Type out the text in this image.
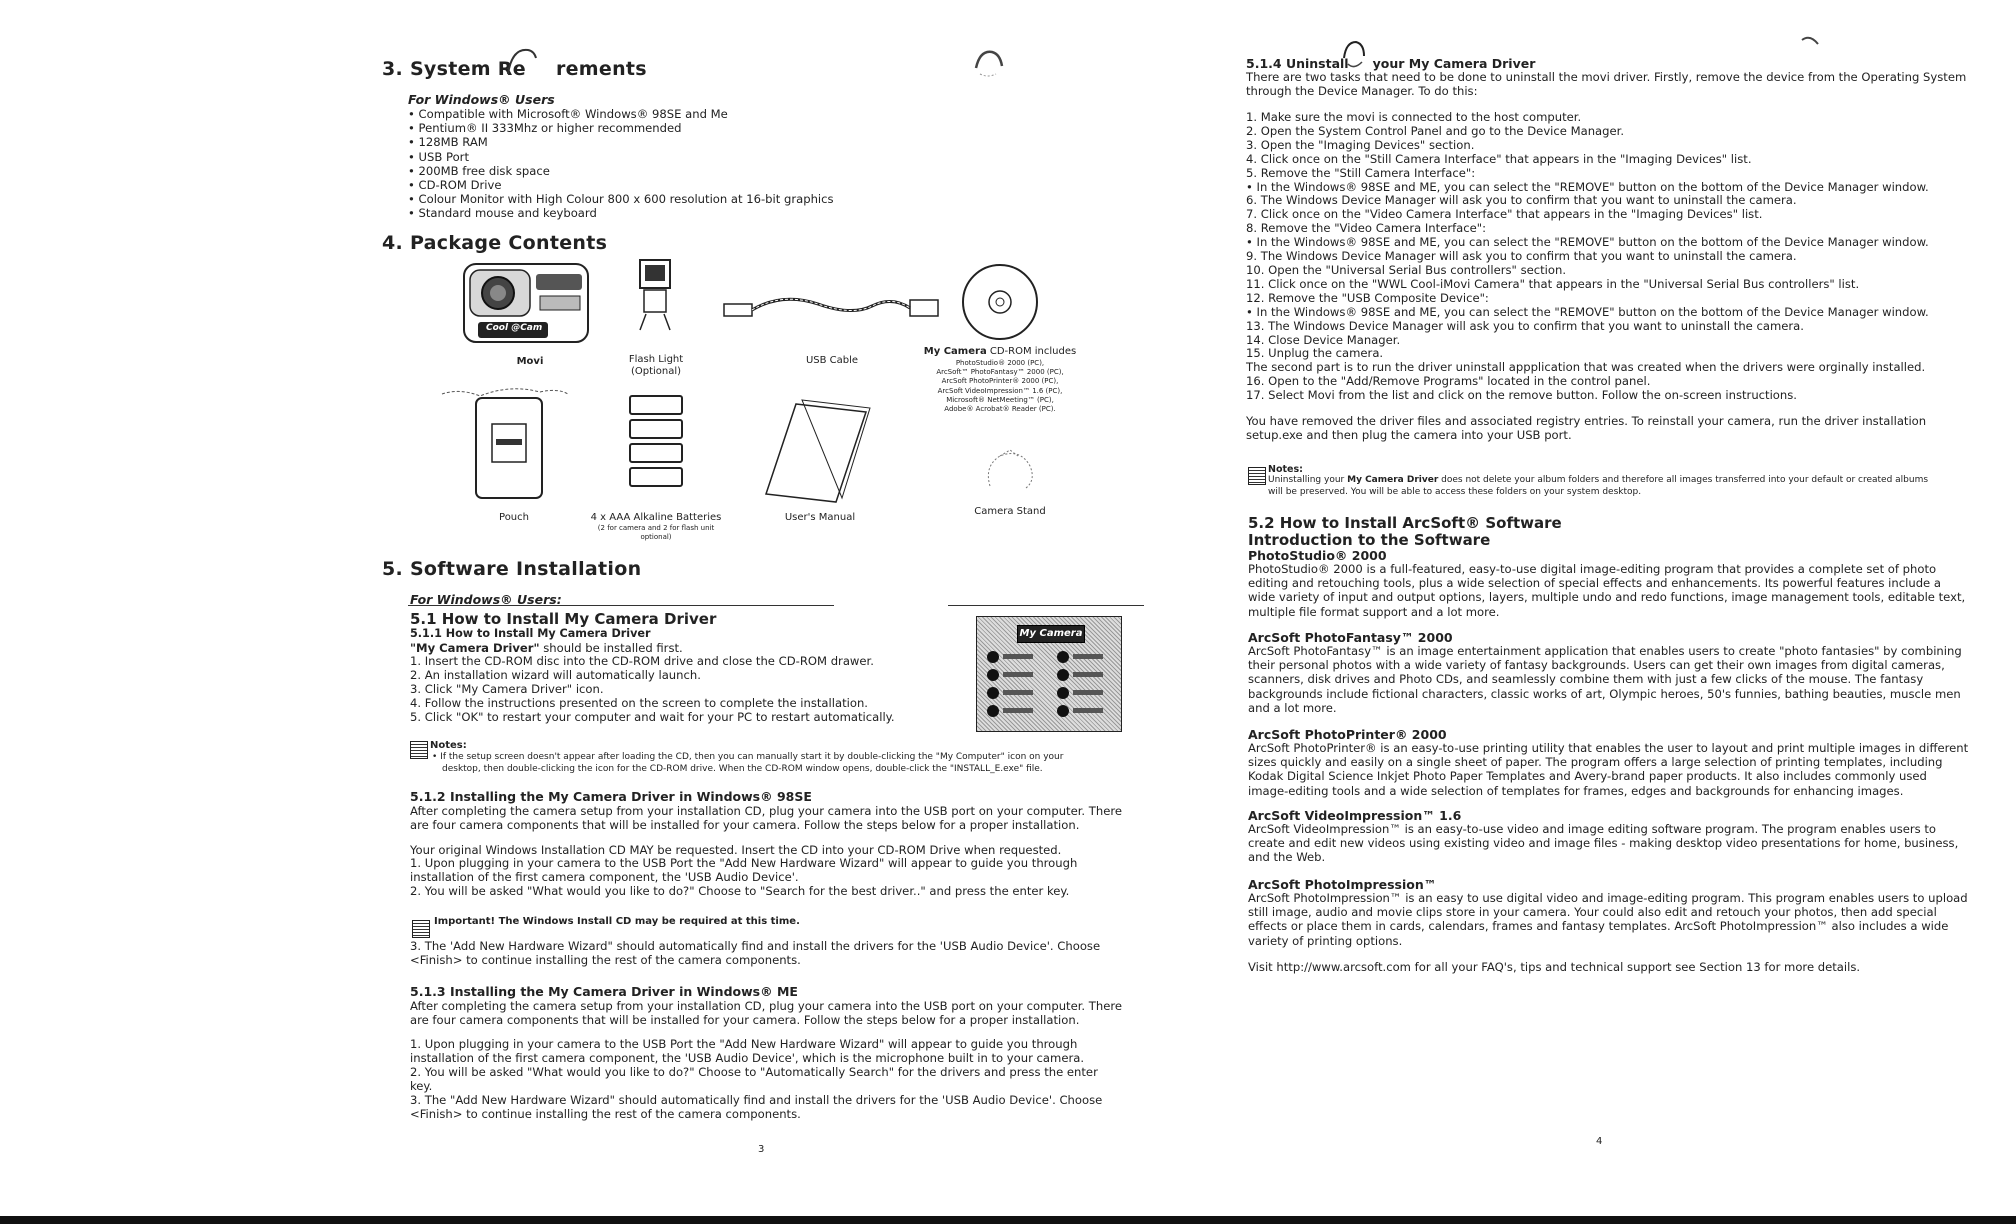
3. System Re rements
For Windows® Users
• Compatible with Microsoft® Windows® 98SE and Me
• Pentium® II 333Mhz or higher recommended
• 128MB RAM
• USB Port
• 200MB free disk space
• CD-ROM Drive
• Colour Monitor with High Colour 800 x 600 resolution at 16-bit graphics
• Standard mouse and keyboard
4. Package Contents
Cool @Cam
Movi	Flash Light
(Optional)
USB Cable
My Camera CD-ROM includes
PhotoStudio® 2000 (PC),
ArcSoft™ PhotoFantasy™ 2000 (PC),
ArcSoft PhotoPrinter® 2000 (PC),
ArcSoft VideoImpression™ 1.6 (PC),
Microsoft® NetMeeting™ (PC),
Adobe® Acrobat® Reader (PC).
Pouch	4 x AAA Alkaline Batteries
(2 for camera and 2 for flash unit
optional)
User's Manual
Camera Stand
5. Software Installation
For Windows® Users:
5.1 How to Install My Camera Driver
5.1.1 How to Install My Camera Driver
"My Camera Driver" should be installed first.
1. Insert the CD-ROM disc into the CD-ROM drive and close the CD-ROM drawer.
2. An installation wizard will automatically launch.
3. Click "My Camera Driver" icon.
4. Follow the instructions presented on the screen to complete the installation.
5. Click "OK" to restart your computer and wait for your PC to restart automatically.
My Camera
Notes:
• If the setup screen doesn't appear after loading the CD, then you can manually start it by double-clicking the "My Computer" icon on your
desktop, then double-clicking the icon for the CD-ROM drive. When the CD-ROM window opens, double-click the "INSTALL_E.exe" file.
5.1.2 Installing the My Camera Driver in Windows® 98SE
After completing the camera setup from your installation CD, plug your camera into the USB port on your computer. There
are four camera components that will be installed for your camera. Follow the steps below for a proper installation.
Your original Windows Installation CD MAY be requested. Insert the CD into your CD-ROM Drive when requested.
1. Upon plugging in your camera to the USB Port the "Add New Hardware Wizard" will appear to guide you through
installation of the first camera component, the 'USB Audio Device'.
2. You will be asked "What would you like to do?" Choose to "Search for the best driver.." and press the enter key.
Important! The Windows Install CD may be required at this time.
3. The 'Add New Hardware Wizard" should automatically find and install the drivers for the 'USB Audio Device'. Choose
<Finish> to continue installing the rest of the camera components.
5.1.3 Installing the My Camera Driver in Windows® ME
After completing the camera setup from your installation CD, plug your camera into the USB port on your computer. There
are four camera components that will be installed for your camera. Follow the steps below for a proper installation.
1. Upon plugging in your camera to the USB Port the "Add New Hardware Wizard" will appear to guide you through
installation of the first camera component, the 'USB Audio Device', which is the microphone built in to your camera.
2. You will be asked "What would you like to do?" Choose to "Automatically Search" for the drivers and press the enter
key.
3. The "Add New Hardware Wizard" should automatically find and install the drivers for the 'USB Audio Device'. Choose
<Finish> to continue installing the rest of the camera components.
3
5.1.4 Uninstall your My Camera Driver
There are two tasks that need to be done to uninstall the movi driver. Firstly, remove the device from the Operating System
through the Device Manager. To do this:
1. Make sure the movi is connected to the host computer.
2. Open the System Control Panel and go to the Device Manager.
3. Open the "Imaging Devices" section.
4. Click once on the "Still Camera Interface" that appears in the "Imaging Devices" list.
5. Remove the "Still Camera Interface":
• In the Windows® 98SE and ME, you can select the "REMOVE" button on the bottom of the Device Manager window.
6. The Windows Device Manager will ask you to confirm that you want to uninstall the camera.
7. Click once on the "Video Camera Interface" that appears in the "Imaging Devices" list.
8. Remove the "Video Camera Interface":
• In the Windows® 98SE and ME, you can select the "REMOVE" button on the bottom of the Device Manager window.
9. The Windows Device Manager will ask you to confirm that you want to uninstall the camera.
10. Open the "Universal Serial Bus controllers" section.
11. Click once on the "WWL Cool-iMovi Camera" that appears in the "Universal Serial Bus controllers" list.
12. Remove the "USB Composite Device":
• In the Windows® 98SE and ME, you can select the "REMOVE" button on the bottom of the Device Manager window.
13. The Windows Device Manager will ask you to confirm that you want to uninstall the camera.
14. Close Device Manager.
15. Unplug the camera.
The second part is to run the driver uninstall appplication that was created when the drivers were orginally installed.
16. Open to the "Add/Remove Programs" located in the control panel.
17. Select Movi from the list and click on the remove button. Follow the on-screen instructions.
You have removed the driver files and associated registry entries. To reinstall your camera, run the driver installation
setup.exe and then plug the camera into your USB port.
Notes:
Uninstalling your My Camera Driver does not delete your album folders and therefore all images transferred into your default or created albums
will be preserved. You will be able to access these folders on your system desktop.
5.2 How to Install ArcSoft® Software
Introduction to the Software
PhotoStudio® 2000
PhotoStudio® 2000 is a full-featured, easy-to-use digital image-editing program that provides a complete set of photo
editing and retouching tools, plus a wide selection of special effects and enhancements. Its powerful features include a
wide variety of input and output options, layers, multiple undo and redo functions, image management tools, editable text,
multiple file format support and a lot more.
ArcSoft PhotoFantasy™ 2000
ArcSoft PhotoFantasy™ is an image entertainment application that enables users to create "photo fantasies" by combining
their personal photos with a wide variety of fantasy backgrounds. Users can get their own images from digital cameras,
scanners, disk drives and Photo CDs, and seamlessly combine them with just a few clicks of the mouse. The fantasy
backgrounds include fictional characters, classic works of art, Olympic heroes, 50's funnies, bathing beauties, muscle men
and a lot more.
ArcSoft PhotoPrinter® 2000
ArcSoft PhotoPrinter® is an easy-to-use printing utility that enables the user to layout and print multiple images in different
sizes quickly and easily on a single sheet of paper. The program offers a large selection of printing templates, including
Kodak Digital Science Inkjet Photo Paper Templates and Avery-brand paper products. It also includes commonly used
image-editing tools and a wide selection of templates for frames, edges and backgrounds for enhancing images.
ArcSoft VideoImpression™ 1.6
ArcSoft VideoImpression™ is an easy-to-use video and image editing software program. The program enables users to
create and edit new videos using existing video and image files - making desktop video presentations for home, business,
and the Web.
ArcSoft PhotoImpression™
ArcSoft PhotoImpression™ is an easy to use digital video and image-editing program. This program enables users to upload
still image, audio and movie clips store in your camera. Your could also edit and retouch your photos, then add special
effects or place them in cards, calendars, frames and fantasy templates. ArcSoft PhotoImpression™ also includes a wide
variety of printing options.
Visit http://www.arcsoft.com for all your FAQ's, tips and technical support see Section 13 for more details.
4
